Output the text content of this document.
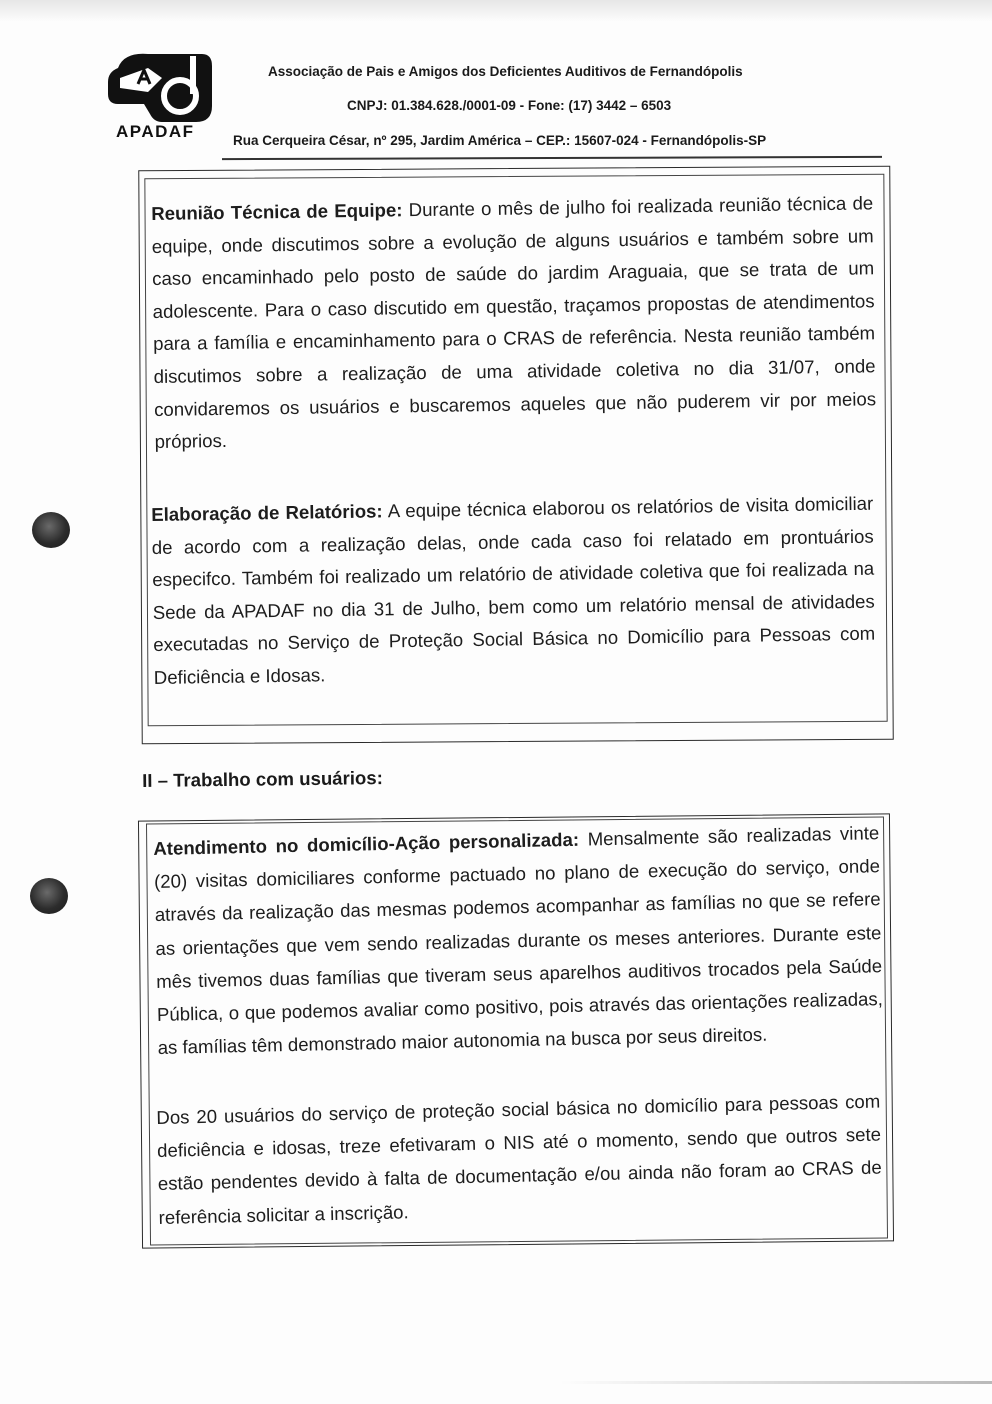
APADAF
Associação de Pais e Amigos dos Deficientes Auditivos de Fernandópolis
CNPJ: 01.384.628./0001-09 - Fone: (17) 3442 – 6503
Rua Cerqueira César, nº 295, Jardim América – CEP.: 15607-024 - Fernandópolis-SP
Reunião Técnica de Equipe: Durante o mês de julho foi realizada reunião técnica de equipe, onde discutimos sobre a evolução de alguns usuários e também sobre um caso encaminhado pelo posto de saúde do jardim Araguaia, que se trata de um adolescente. Para o caso discutido em questão, traçamos propostas de atendimentos para a família e encaminhamento para o CRAS de referência. Nesta reunião também discutimos sobre a realização de uma atividade coletiva no dia 31/07, onde convidaremos os usuários e buscaremos aqueles que não puderem vir por meios próprios.
Elaboração de Relatórios: A equipe técnica elaborou os relatórios de visita domiciliar de acordo com a realização delas, onde cada caso foi relatado em prontuários especifco. Também foi realizado um relatório de atividade coletiva que foi realizada na Sede da APADAF no dia 31 de Julho, bem como um relatório mensal de atividades executadas no Serviço de Proteção Social Básica no Domicílio para Pessoas com Deficiência e Idosas.
II – Trabalho com usuários:
Atendimento no domicílio-Ação personalizada: Mensalmente são realizadas vinte (20) visitas domiciliares conforme pactuado no plano de execução do serviço, onde através da realização das mesmas podemos acompanhar as famílias no que se refere as orientações que vem sendo realizadas durante os meses anteriores. Durante este mês tivemos duas famílias que tiveram seus aparelhos auditivos trocados pela Saúde Pública, o que podemos avaliar como positivo, pois através das orientações realizadas, as famílias têm demonstrado maior autonomia na busca por seus direitos.
Dos 20 usuários do serviço de proteção social básica no domicílio para pessoas com deficiência e idosas, treze efetivaram o NIS até o momento, sendo que outros sete estão pendentes devido à falta de documentação e/ou ainda não foram ao CRAS de referência solicitar a inscrição.
